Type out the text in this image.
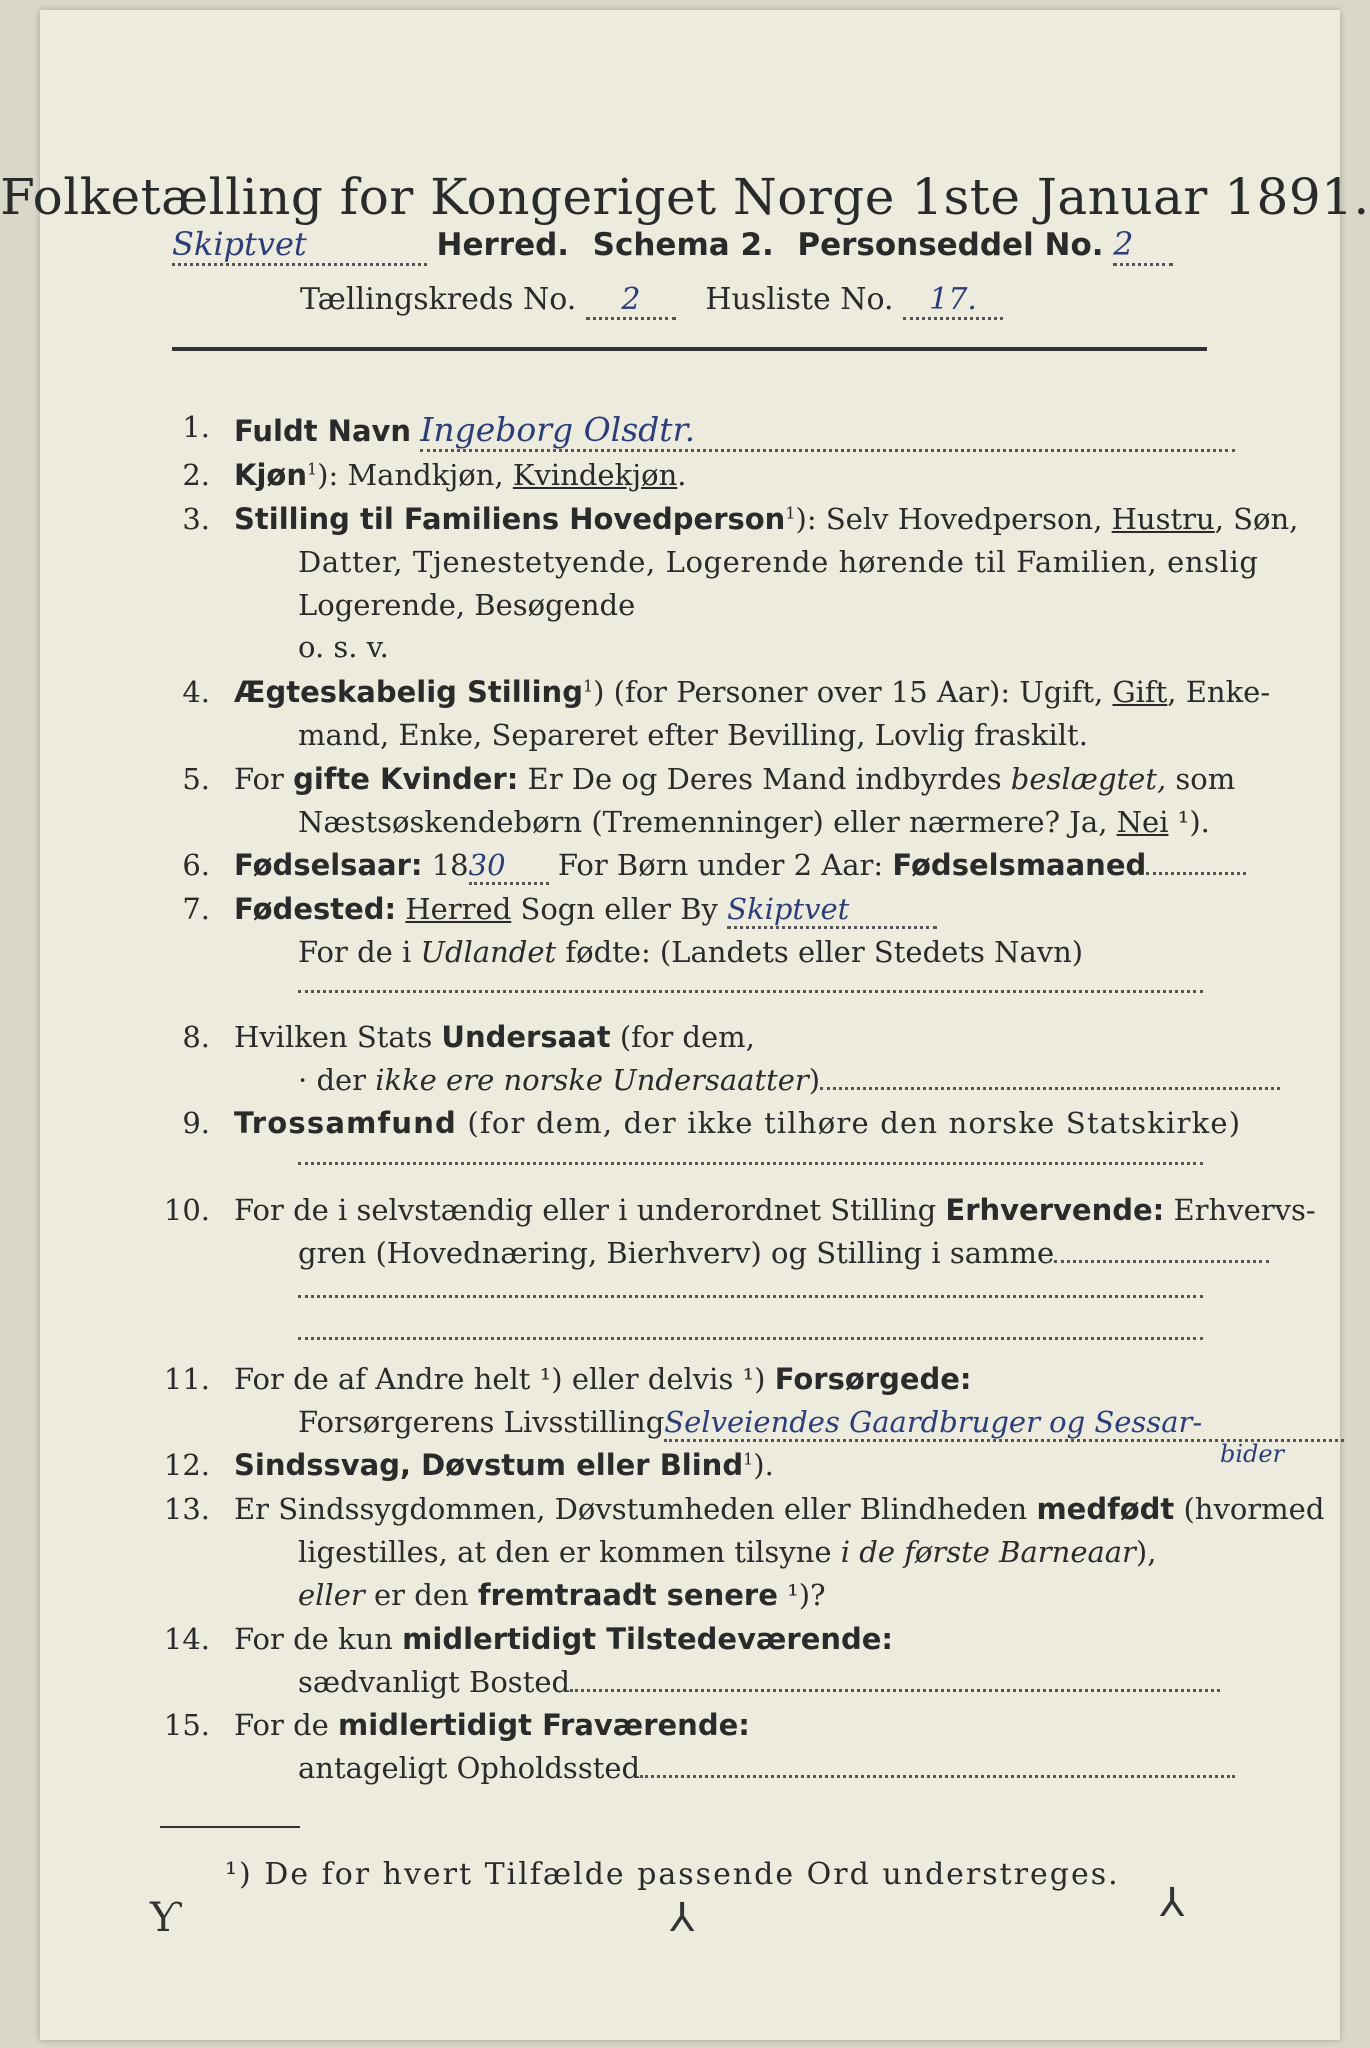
Folketælling for Kongeriget Norge 1ste Januar 1891.
Skiptvet	Herred. Schema 2. Personseddel No. 2
Tællingskreds No. 2 Husliste No. 17.
1. Fuldt Navn Ingeborg Olsdtr.
2. Kjøn$^1$): Mandkjøn, Kvindekjøn.
3. Stilling til Familiens Hovedperson$^1$): Selv Hovedperson, Hustru, Søn,
Datter, Tjenestetyende, Logerende hørende til Familien, enslig
Logerende, Besøgende
o. s. v.
4. Ægteskabelig Stilling$^1$) (for Personer over 15 Aar): Ugift, Gift, Enke-
mand, Enke, Separeret efter Bevilling, Lovlig fraskilt.
5. For gifte Kvinder: Er De og Deres Mand indbyrdes beslægtet, som
Næstsøskendebørn (Tremenninger) eller nærmere? Ja, Nei ¹).
6. Fødselsaar: 1830 For Børn under 2 Aar: Fødselsmaaned
7. Fødested: Herred Sogn eller By Skiptvet
For de i Udlandet fødte: (Landets eller Stedets Navn)
8. Hvilken Stats Undersaat (for dem,
· der ikke ere norske Undersaatter)
9. Trossamfund (for dem, der ikke tilhøre den norske Statskirke)
10. For de i selvstændig eller i underordnet Stilling Erhvervende: Erhvervs-
gren (Hovednæring, Bierhverv) og Stilling i samme
11. For de af Andre helt ¹) eller delvis ¹) Forsørgede:
Forsørgerens LivsstillingSelveiendes Gaardbruger og Sessar-
bider
12. Sindssvag, Døvstum eller Blind$^1$).
13. Er Sindssygdommen, Døvstumheden eller Blindheden medfødt (hvormed
ligestilles, at den er kommen tilsyne i de første Barneaar),
eller er den fremtraadt senere ¹)?
14. For de kun midlertidigt Tilstedeværende:
sædvanligt Bosted
15. For de midlertidigt Fraværende:
antageligt Opholdssted
¹) De for hvert Tilfælde passende Ord understreges.
Ƴ	⅄	⅄
